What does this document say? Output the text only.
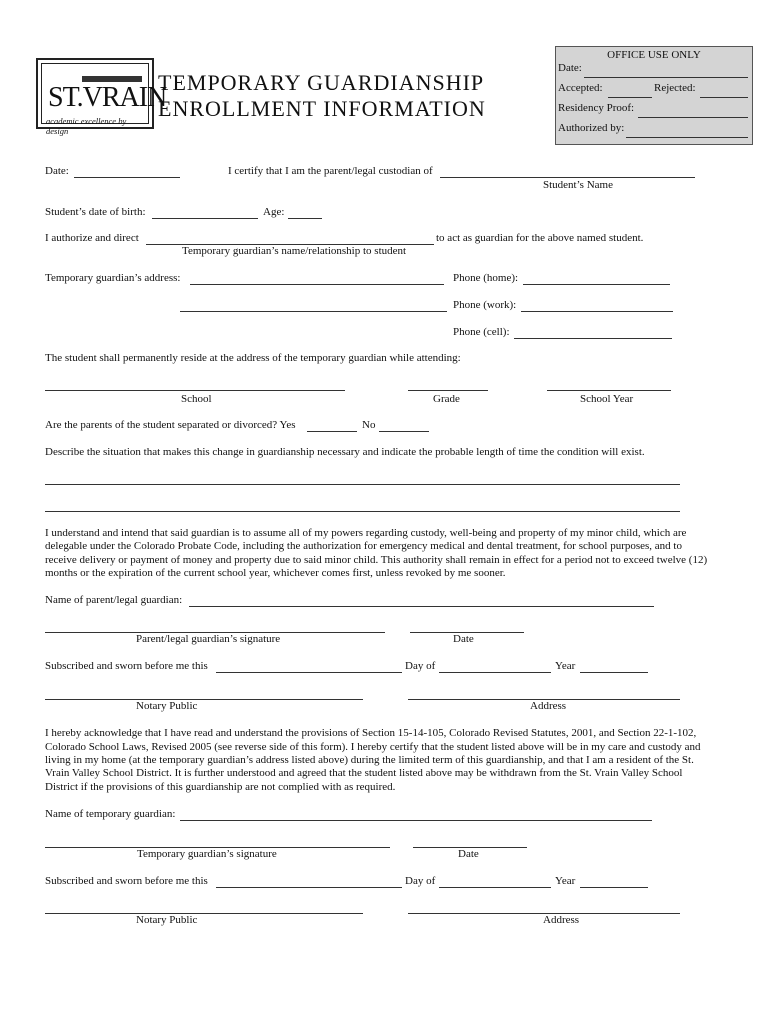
ST.VRAIN
academic excellence by design
TEMPORARY GUARDIANSHIP
ENROLLMENT INFORMATION
OFFICE USE ONLY
Date:
Accepted:	Rejected:
Residency Proof:
Authorized by:
Date:	I certify that I am the parent/legal custodian of
Student’s Name
Student’s date of birth:	Age:
I authorize and direct	to act as guardian for the above named student.
Temporary guardian’s name/relationship to student
Temporary guardian’s address:	Phone (home):
Phone (work):
Phone (cell):
The student shall permanently reside at the address of the temporary guardian while attending:
School	Grade	School Year
Are the parents of the student separated or divorced? Yes	No
Describe the situation that makes this change in guardianship necessary and indicate the probable length of time the condition will exist.
I understand and intend that said guardian is to assume all of my powers regarding custody, well-being and property of my minor child, which are
delegable under the Colorado Probate Code, including the authorization for emergency medical and dental treatment, for school purposes, and to
receive delivery or payment of money and property due to said minor child. This authority shall remain in effect for a period not to exceed twelve (12)
months or the expiration of the current school year, whichever comes first, unless revoked by me sooner.
Name of parent/legal guardian:
Parent/legal guardian’s signature	Date
Subscribed and sworn before me this	Day of	Year
Notary Public	Address
I hereby acknowledge that I have read and understand the provisions of Section 15-14-105, Colorado Revised Statutes, 2001, and Section 22-1-102,
Colorado School Laws, Revised 2005 (see reverse side of this form). I hereby certify that the student listed above will be in my care and custody and
living in my home (at the temporary guardian’s address listed above) during the limited term of this guardianship, and that I am a resident of the St.
Vrain Valley School District. It is further understood and agreed that the student listed above may be withdrawn from the St. Vrain Valley School
District if the provisions of this guardianship are not complied with as required.
Name of temporary guardian:
Temporary guardian’s signature	Date
Subscribed and sworn before me this	Day of	Year
Notary Public	Address
